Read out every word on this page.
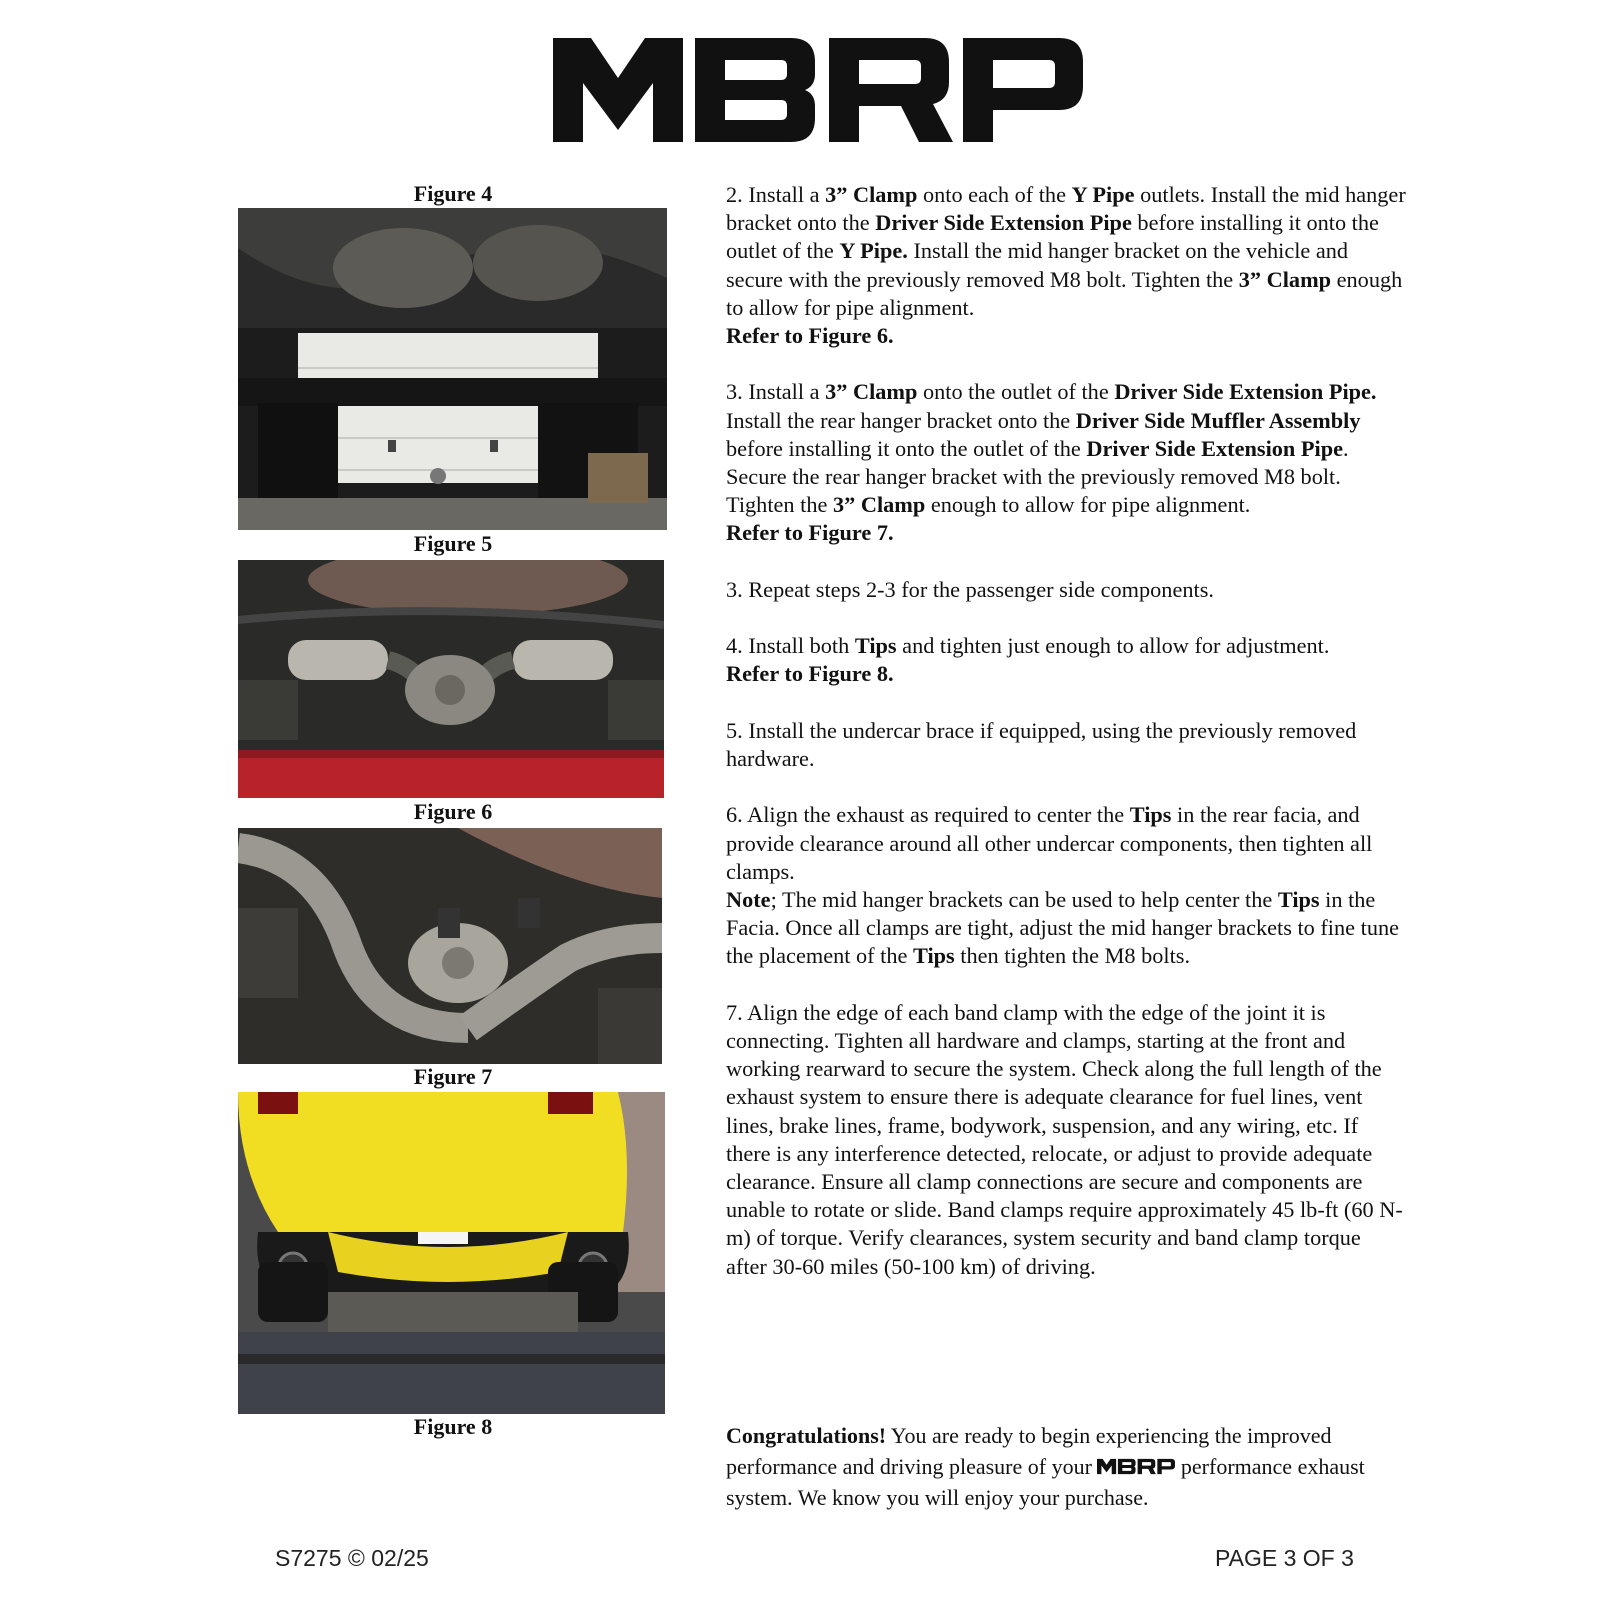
Figure 4
Figure 5
Figure 6
Figure 7
Figure 8

2. Install a 3” Clamp onto each of the Y Pipe outlets. Install the mid hanger bracket onto the Driver Side Extension Pipe before installing it onto the outlet of the Y Pipe. Install the mid hanger bracket on the vehicle and secure with the previously removed M8 bolt. Tighten the 3” Clamp enough to allow for pipe alignment.
Refer to Figure 6.

3. Install a 3” Clamp onto the outlet of the Driver Side Extension Pipe. Install the rear hanger bracket onto the Driver Side Muffler Assembly before installing it onto the outlet of the Driver Side Extension Pipe. Secure the rear hanger bracket with the previously removed M8 bolt. Tighten the 3” Clamp enough to allow for pipe alignment.
Refer to Figure 7.

3. Repeat steps 2-3 for the passenger side components.

4. Install both Tips and tighten just enough to allow for adjustment.
Refer to Figure 8.

5. Install the undercar brace if equipped, using the previously removed hardware.

6. Align the exhaust as required to center the Tips in the rear facia, and provide clearance around all other undercar components, then tighten all clamps.
Note; The mid hanger brackets can be used to help center the Tips in the Facia. Once all clamps are tight, adjust the mid hanger brackets to fine tune the placement of the Tips then tighten the M8 bolts.

7. Align the edge of each band clamp with the edge of the joint it is connecting. Tighten all hardware and clamps, starting at the front and working rearward to secure the system. Check along the full length of the exhaust system to ensure there is adequate clearance for fuel lines, vent lines, brake lines, frame, bodywork, suspension, and any wiring, etc. If there is any interference detected, relocate, or adjust to provide adequate clearance. Ensure all clamp connections are secure and components are unable to rotate or slide. Band clamps require approximately 45 lb-ft (60 N-m) of torque. Verify clearances, system security and band clamp torque after 30-60 miles (50-100 km) of driving.

Congratulations! You are ready to begin experiencing the improved performance and driving pleasure of your	performance exhaust system. We know you will enjoy your purchase.
S7275 © 02/25	PAGE 3 OF 3
